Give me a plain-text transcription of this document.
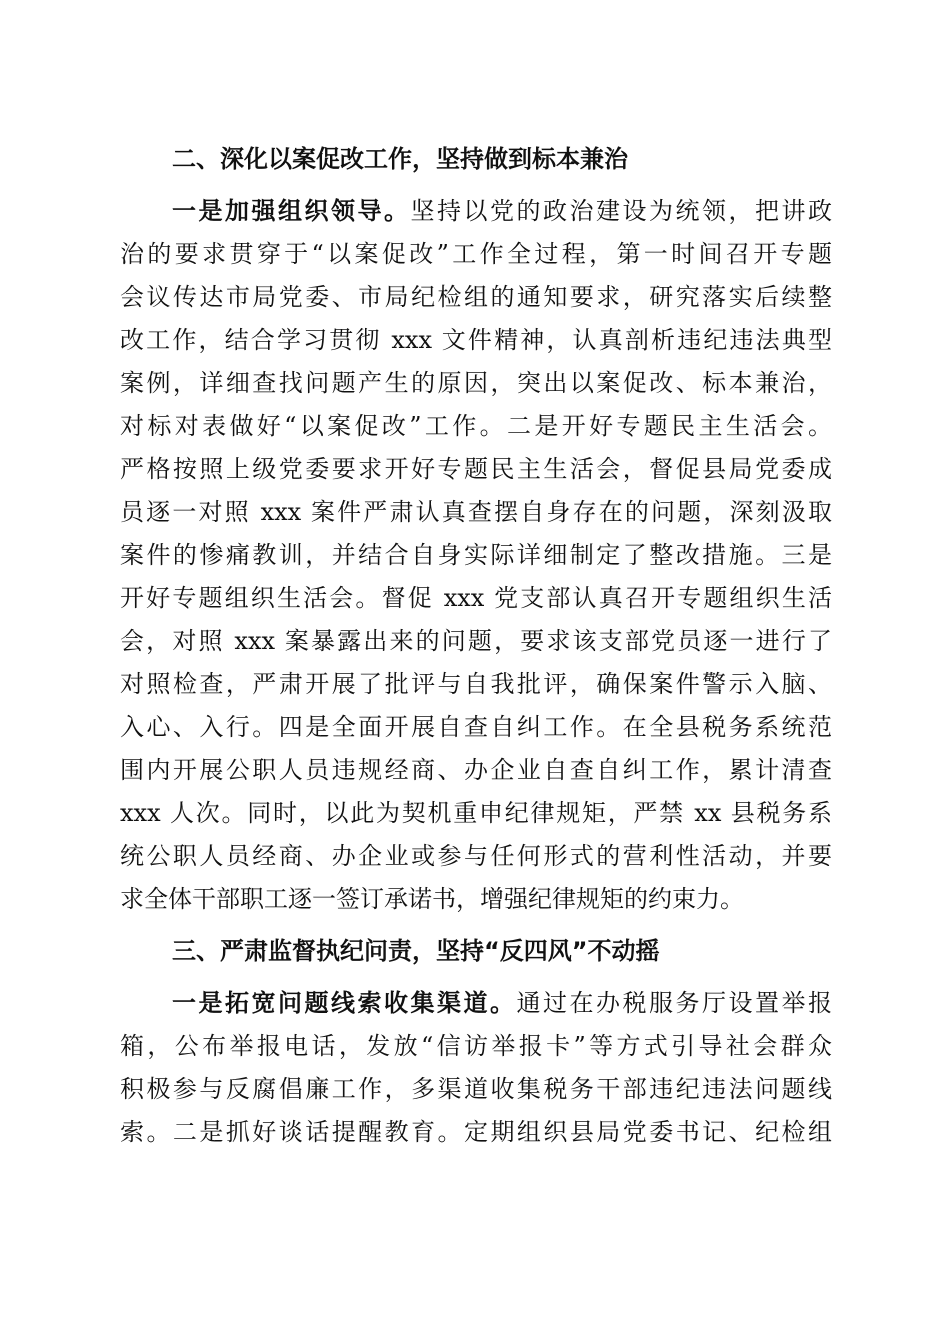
二、深化以案促改工作，坚持做到标本兼治

一是加强组织领导。坚持以党的政治建设为统领，把讲政

治的要求贯穿于“以案促改”工作全过程，第一时间召开专题

会议传达市局党委、市局纪检组的通知要求，研究落实后续整

改工作，结合学习贯彻 xxx 文件精神，认真剖析违纪违法典型

案例，详细查找问题产生的原因，突出以案促改、标本兼治，

对标对表做好“以案促改”工作。二是开好专题民主生活会。

严格按照上级党委要求开好专题民主生活会，督促县局党委成

员逐一对照 xxx 案件严肃认真查摆自身存在的问题，深刻汲取

案件的惨痛教训，并结合自身实际详细制定了整改措施。三是

开好专题组织生活会。督促 xxx 党支部认真召开专题组织生活

会，对照 xxx 案暴露出来的问题，要求该支部党员逐一进行了

对照检查，严肃开展了批评与自我批评，确保案件警示入脑、

入心、入行。四是全面开展自查自纠工作。在全县税务系统范

围内开展公职人员违规经商、办企业自查自纠工作，累计清查

xxx 人次。同时，以此为契机重申纪律规矩，严禁 xx 县税务系

统公职人员经商、办企业或参与任何形式的营利性活动，并要

求全体干部职工逐一签订承诺书，增强纪律规矩的约束力。

三、严肃监督执纪问责，坚持“反四风”不动摇

一是拓宽问题线索收集渠道。通过在办税服务厅设置举报

箱，公布举报电话，发放“信访举报卡”等方式引导社会群众

积极参与反腐倡廉工作，多渠道收集税务干部违纪违法问题线

索。二是抓好谈话提醒教育。定期组织县局党委书记、纪检组
